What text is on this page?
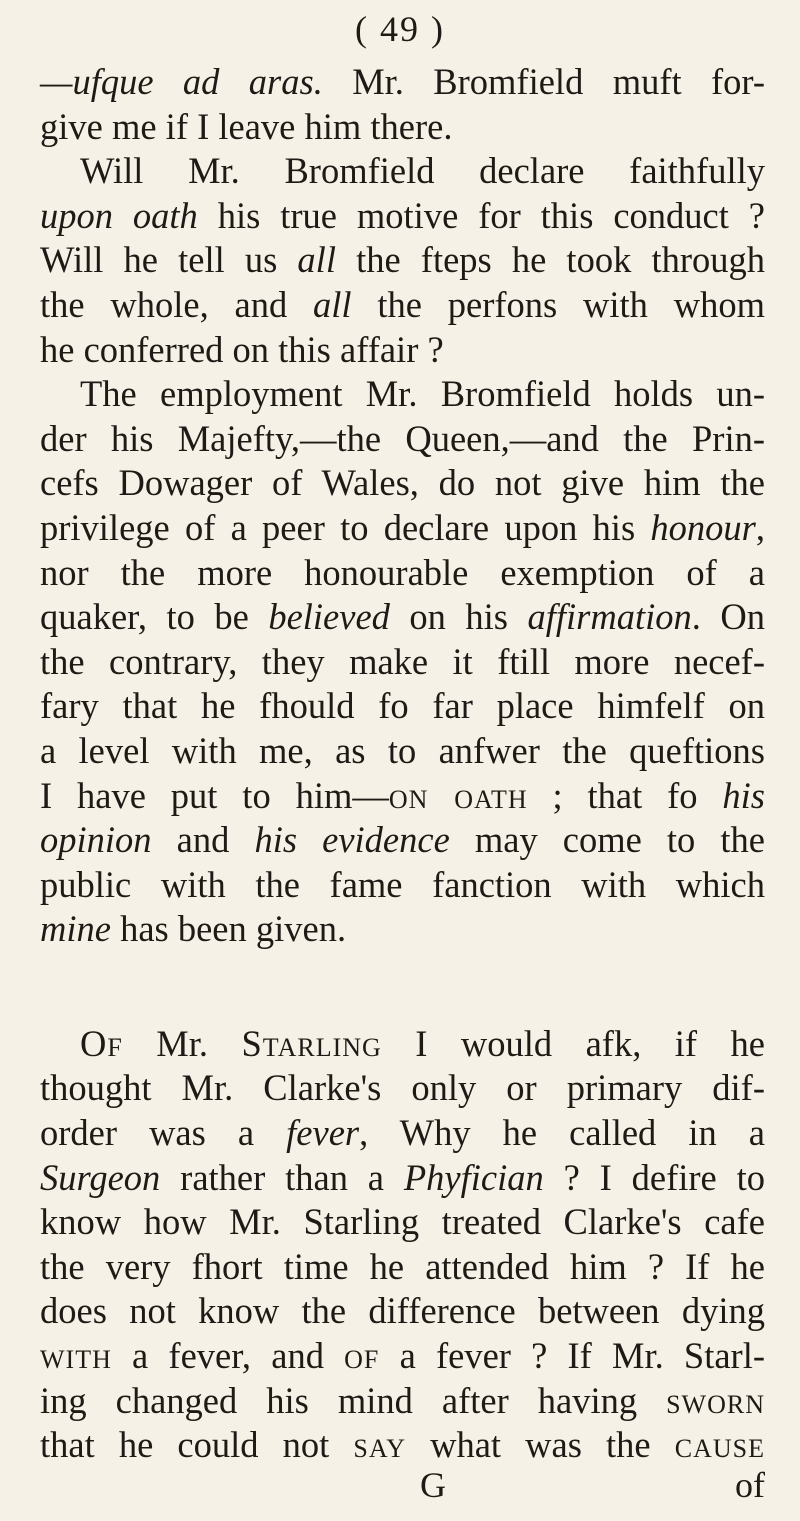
( 49 )
—ufque ad aras. Mr. Bromfield muft for-
give me if I leave him there.
Will Mr. Bromfield declare faithfully
upon oath his true motive for this conduct ?
Will he tell us all the fteps he took through
the whole, and all the perfons with whom
he conferred on this affair ?
The employment Mr. Bromfield holds un-
der his Majefty,—the Queen,—and the Prin-
cefs Dowager of Wales, do not give him the
privilege of a peer to declare upon his honour,
nor the more honourable exemption of a
quaker, to be believed on his affirmation. On
the contrary, they make it ftill more necef-
fary that he fhould fo far place himfelf on
a level with me, as to anfwer the queftions
I have put to him—on oath ; that fo his
opinion and his evidence may come to the
public with the fame fanction with which
mine has been given.
Of Mr. Starling I would afk, if he
thought Mr. Clarke's only or primary dif-
order was a fever, Why he called in a
Surgeon rather than a Phyfician ? I defire to
know how Mr. Starling treated Clarke's cafe
the very fhort time he attended him ? If he
does not know the difference between dying
with a fever, and of a fever ? If Mr. Starl-
ing changed his mind after having sworn
that he could not say what was the cause
G	of
